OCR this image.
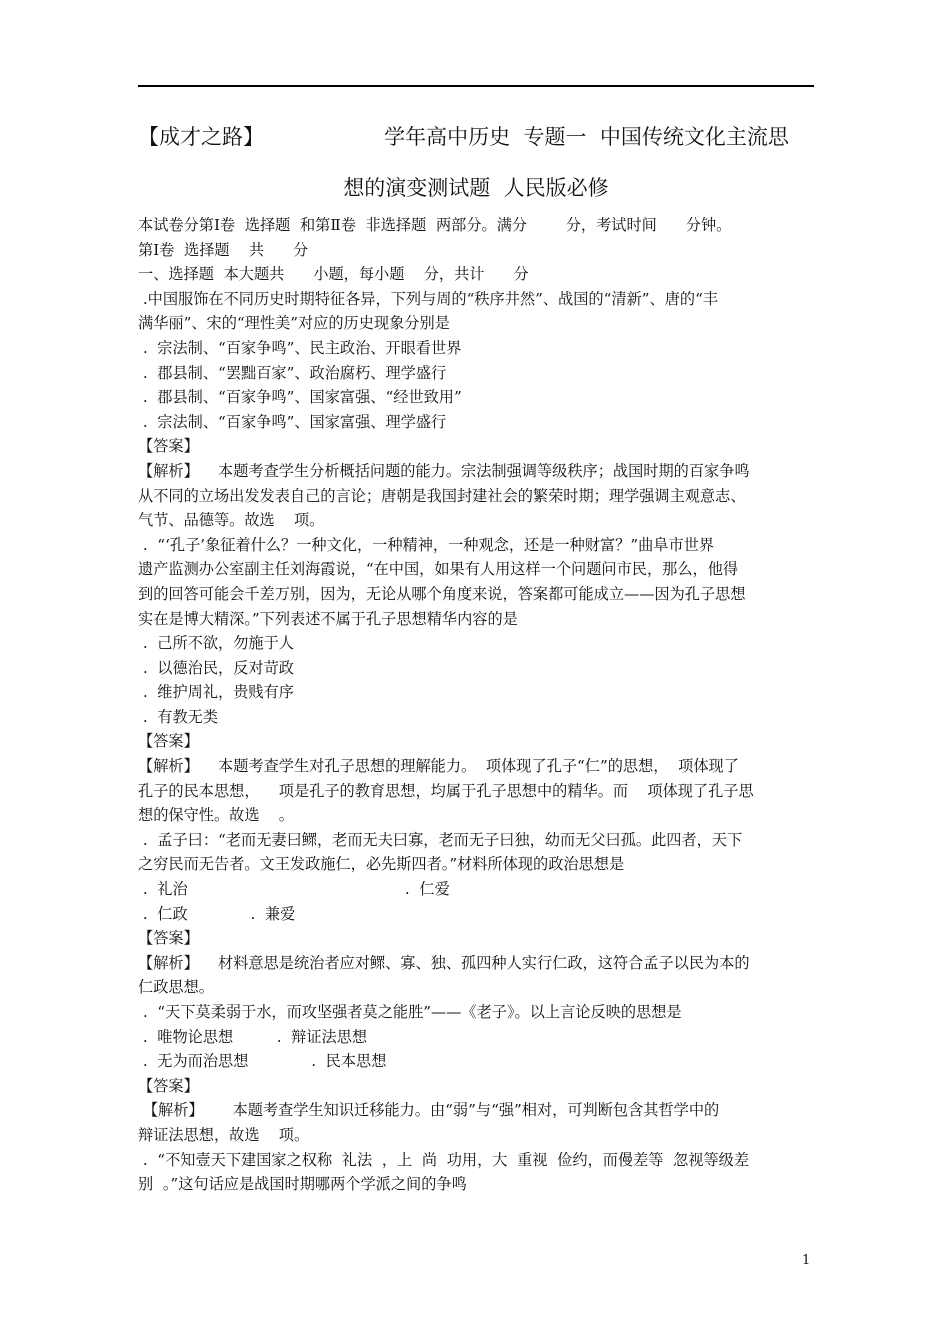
【成才之路】                  学年高中历史  专题一  中国传统文化主流思
想的演变测试题  人民版必修
本试卷分第Ⅰ卷  选择题  和第Ⅱ卷  非选择题  两部分。满分        分，考试时间      分钟。
第Ⅰ卷  选择题    共      分
一、选择题  本大题共      小题，每小题    分，共计      分
.中国服饰在不同历史时期特征各异，下列与周的“秩序井然”、战国的“清新”、唐的“丰
满华丽”、宋的“理性美”对应的历史现象分别是
.  宗法制、“百家争鸣”、民主政治、开眼看世界
.  郡县制、“罢黜百家”、政治腐朽、理学盛行
.  郡县制、“百家争鸣”、国家富强、“经世致用”
.  宗法制、“百家争鸣”、国家富强、理学盛行
【答案】
【解析】    本题考查学生分析概括问题的能力。宗法制强调等级秩序；战国时期的百家争鸣
从不同的立场出发发表自己的言论；唐朝是我国封建社会的繁荣时期；理学强调主观意志、
气节、品德等。故选    项。
.  “‘孔子’象征着什么？一种文化，一种精神，一种观念，还是一种财富？”曲阜市世界
遗产监测办公室副主任刘海霞说，“在中国，如果有人用这样一个问题问市民，那么，他得
到的回答可能会千差万别，因为，无论从哪个角度来说，答案都可能成立——因为孔子思想
实在是博大精深。”下列表述不属于孔子思想精华内容的是
.  己所不欲，勿施于人
.  以德治民，反对苛政
.  维护周礼，贵贱有序
.  有教无类
【答案】
【解析】    本题考查学生对孔子思想的理解能力。  项体现了孔子“仁”的思想，  项体现了
孔子的民本思想，    项是孔子的教育思想，均属于孔子思想中的精华。而    项体现了孔子思
想的保守性。故选    。
.  孟子曰：“老而无妻曰鳏，老而无夫曰寡，老而无子曰独，幼而无父曰孤。此四者，天下
之穷民而无告者。文王发政施仁，必先斯四者。”材料所体现的政治思想是
.  礼治                                             .  仁爱
.  仁政             .  兼爱
【答案】
【解析】    材料意思是统治者应对鳏、寡、独、孤四种人实行仁政，这符合孟子以民为本的
仁政思想。
.  “天下莫柔弱于水，而攻坚强者莫之能胜”——《老子》。以上言论反映的思想是
.  唯物论思想         .  辩证法思想
.  无为而治思想             .  民本思想
【答案】
【解析】      本题考查学生知识迁移能力。由“弱”与“强”相对，可判断包含其哲学中的
辩证法思想，故选    项。
.  “不知壹天下建国家之权称  礼法  ，上  尚  功用，大  重视  俭约，而僈差等  忽视等级差
别  。”这句话应是战国时期哪两个学派之间的争鸣
1
